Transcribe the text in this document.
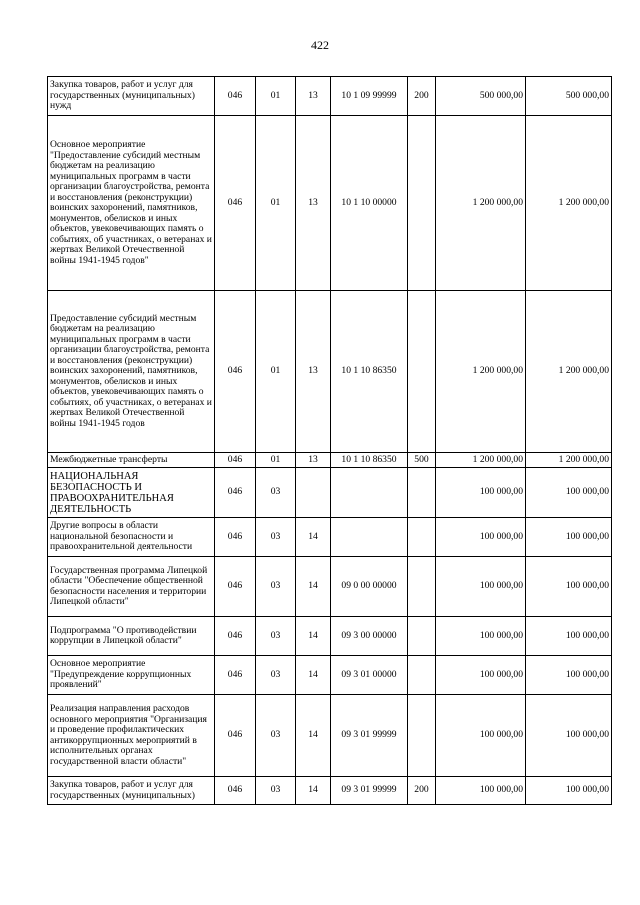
422
Закупка товаров, работ и услуг для государственных (муниципальных) нужд	046	01	13	10 1 09 99999	200	500 000,00	500 000,00
Основное мероприятие "Предоставление субсидий местным бюджетам на реализацию муниципальных программ в части организации благоустройства, ремонта и восстановления (реконструкции) воинских захоронений, памятников, монументов, обелисков и иных объектов, увековечивающих память о событиях, об участниках, о ветеранах и жертвах Великой Отечественной войны 1941-1945 годов"	046	01	13	10 1 10 00000		1 200 000,00	1 200 000,00
Предоставление субсидий местным бюджетам на реализацию муниципальных программ в части организации благоустройства, ремонта и восстановления (реконструкции) воинских захоронений, памятников, монументов, обелисков и иных объектов, увековечивающих память о событиях, об участниках, о ветеранах и жертвах Великой Отечественной войны 1941-1945 годов	046	01	13	10 1 10 86350		1 200 000,00	1 200 000,00
Межбюджетные трансферты	046	01	13	10 1 10 86350	500	1 200 000,00	1 200 000,00
НАЦИОНАЛЬНАЯ БЕЗОПАСНОСТЬ И ПРАВООХРАНИТЕЛЬНАЯ ДЕЯТЕЛЬНОСТЬ	046	03				100 000,00	100 000,00
Другие вопросы в области национальной безопасности и правоохранительной деятельности	046	03	14			100 000,00	100 000,00
Государственная программа Липецкой области "Обеспечение общественной безопасности населения и территории Липецкой области"	046	03	14	09 0 00 00000		100 000,00	100 000,00
Подпрограмма "О противодействии коррупции в Липецкой области"	046	03	14	09 3 00 00000		100 000,00	100 000,00
Основное мероприятие "Предупреждение коррупционных проявлений"	046	03	14	09 3 01 00000		100 000,00	100 000,00
Реализация направления расходов основного мероприятия "Организация и проведение профилактических антикоррупционных мероприятий в исполнительных органах государственной власти области"	046	03	14	09 3 01 99999		100 000,00	100 000,00
Закупка товаров, работ и услуг для государственных (муниципальных)	046	03	14	09 3 01 99999	200	100 000,00	100 000,00
